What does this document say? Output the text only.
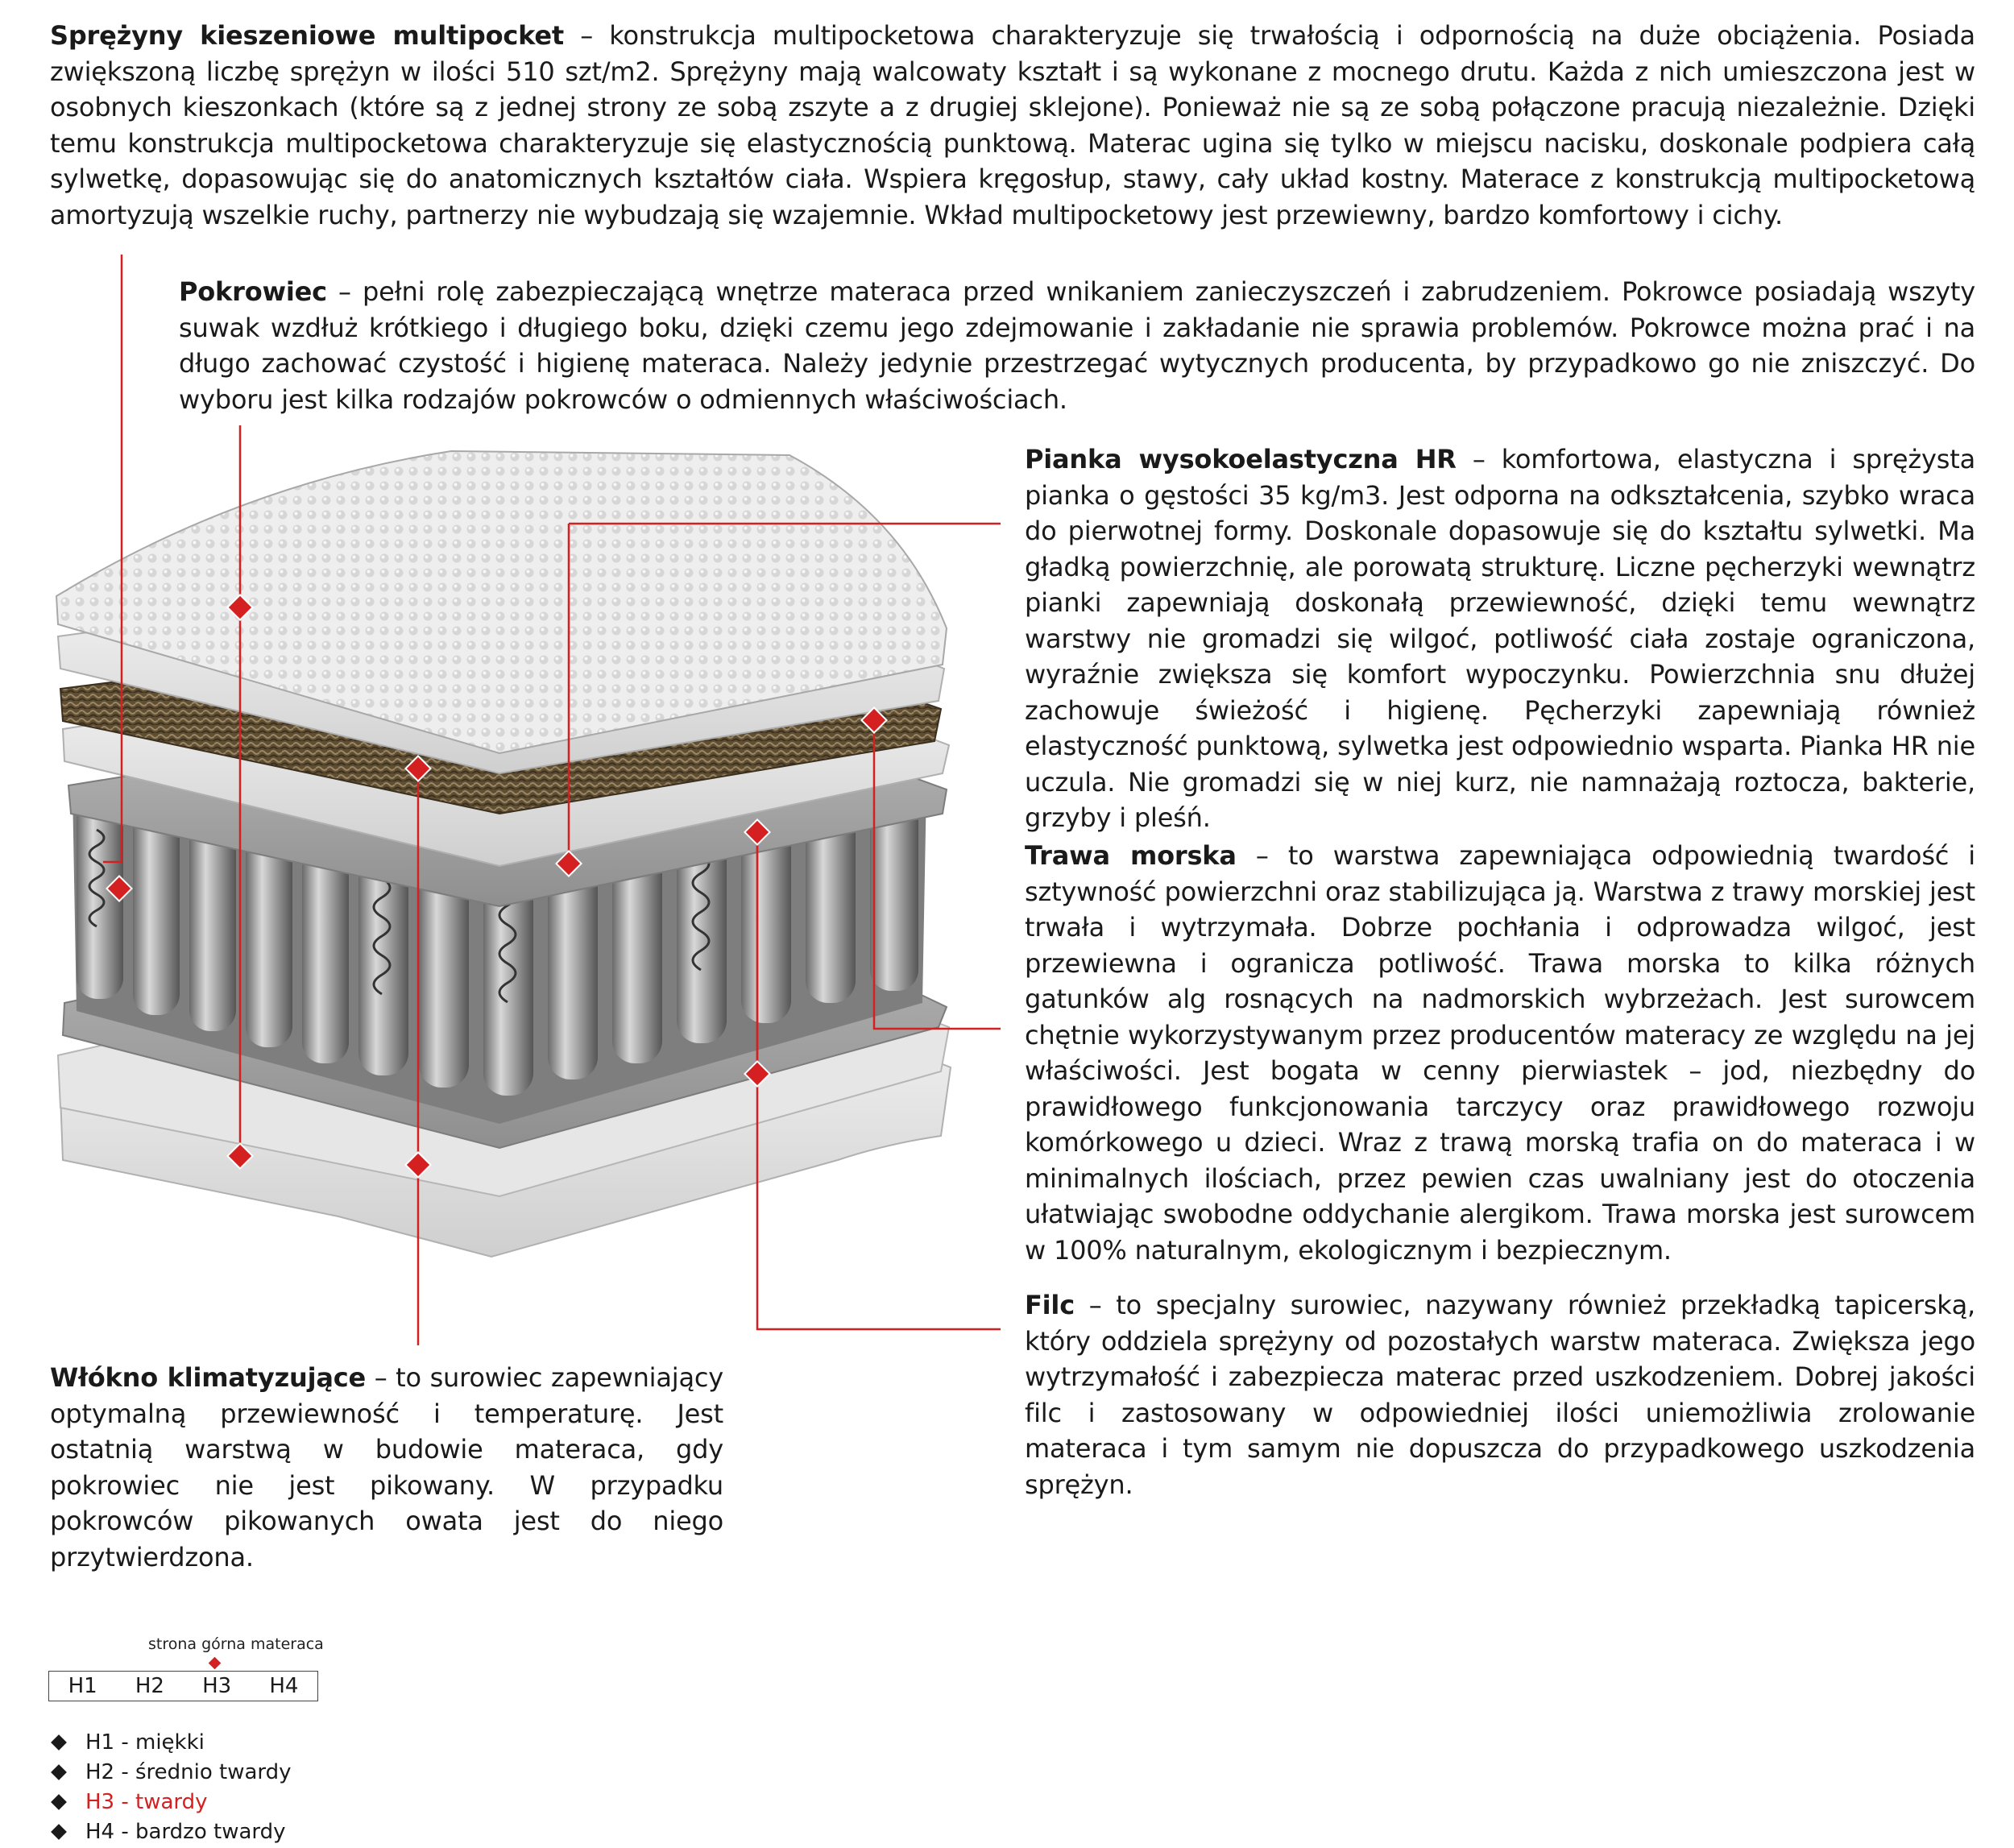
Sprężyny kieszeniowe multipocket – konstrukcja multipocketowa charakteryzuje się trwałością i odpornością na duże obciążenia. Posiada zwiększoną liczbę sprężyn w ilości 510 szt/m2. Sprężyny mają walcowaty kształt i są wykonane z mocnego drutu. Każda z nich umieszczona jest w osobnych kieszonkach (które są z jednej strony ze sobą zszyte a z drugiej sklejone). Ponieważ nie są ze sobą połączone pracują niezależnie. Dzięki temu konstrukcja multipocketowa charakteryzuje się elastycznością punktową. Materac ugina się tylko w miejscu nacisku, doskonale podpiera całą sylwetkę, dopasowując się do anatomicznych kształtów ciała. Wspiera kręgosłup, stawy, cały układ kostny. Materace z konstrukcją multipocketową amortyzują wszelkie ruchy, partnerzy nie wybudzają się wzajemnie. Wkład multipocketowy jest przewiewny, bardzo komfortowy i cichy.

Pokrowiec – pełni rolę zabezpieczającą wnętrze materaca przed wnikaniem zanieczyszczeń i zabrudzeniem. Pokrowce posiadają wszyty suwak wzdłuż krótkiego i długiego boku, dzięki czemu jego zdejmowanie i zakładanie nie sprawia problemów. Pokrowce można prać i na długo zachować czystość i higienę materaca. Należy jedynie przestrzegać wytycznych producenta, by przypadkowo go nie zniszczyć. Do wyboru jest kilka rodzajów pokrowców o odmiennych właściwościach.

Pianka wysokoelastyczna HR – komfortowa, elastyczna i sprężysta pianka o gęstości 35 kg/m3. Jest odporna na odkształcenia, szybko wraca do pierwotnej formy. Doskonale dopasowuje się do kształtu sylwetki. Ma gładką powierzchnię, ale porowatą strukturę. Liczne pęcherzyki wewnątrz pianki zapewniają doskonałą przewiewność, dzięki temu wewnątrz warstwy nie gromadzi się wilgoć, potliwość ciała zostaje ograniczona, wyraźnie zwiększa się komfort wypoczynku. Powierzchnia snu dłużej zachowuje świeżość i higienę. Pęcherzyki zapewniają również elastyczność punktową, sylwetka jest odpowiednio wsparta. Pianka HR nie uczula. Nie gromadzi się w niej kurz, nie namnażają roztocza, bakterie, grzyby i pleśń.

Trawa morska – to warstwa zapewniająca odpowiednią twardość i sztywność powierzchni oraz stabilizująca ją. Warstwa z trawy morskiej jest trwała i wytrzymała. Dobrze pochłania i odprowadza wilgoć, jest przewiewna i ogranicza potliwość. Trawa morska to kilka różnych gatunków alg rosnących na nadmorskich wybrzeżach. Jest surowcem chętnie wykorzystywanym przez producentów materacy ze względu na jej właściwości. Jest bogata w cenny pierwiastek – jod, niezbędny do prawidłowego funkcjonowania tarczycy oraz prawidłowego rozwoju komórkowego u dzieci. Wraz z trawą morską trafia on do materaca i w minimalnych ilościach, przez pewien czas uwalniany jest do otoczenia ułatwiając swobodne oddychanie alergikom. Trawa morska jest surowcem w 100% naturalnym, ekologicznym i bezpiecznym.

Filc – to specjalny surowiec, nazywany również przekładką tapicerską, który oddziela sprężyny od pozostałych warstw materaca. Zwiększa jego wytrzymałość i zabezpiecza materac przed uszkodzeniem. Dobrej jakości filc i zastosowany w odpowiedniej ilości uniemożliwia zrolowanie materaca i tym samym nie dopuszcza do przypadkowego uszkodzenia sprężyn.

Włókno klimatyzujące – to surowiec zapewniający optymalną przewiewność i temperaturę. Jest ostatnią warstwą w budowie materaca, gdy pokrowiec nie jest pikowany. W przypadku pokrowców pikowanych owata jest do niego przytwierdzona.

strona górna materaca
H1	H2	H3	H4
H1 - miękki
H2 - średnio twardy
H3 - twardy
H4 - bardzo twardy
